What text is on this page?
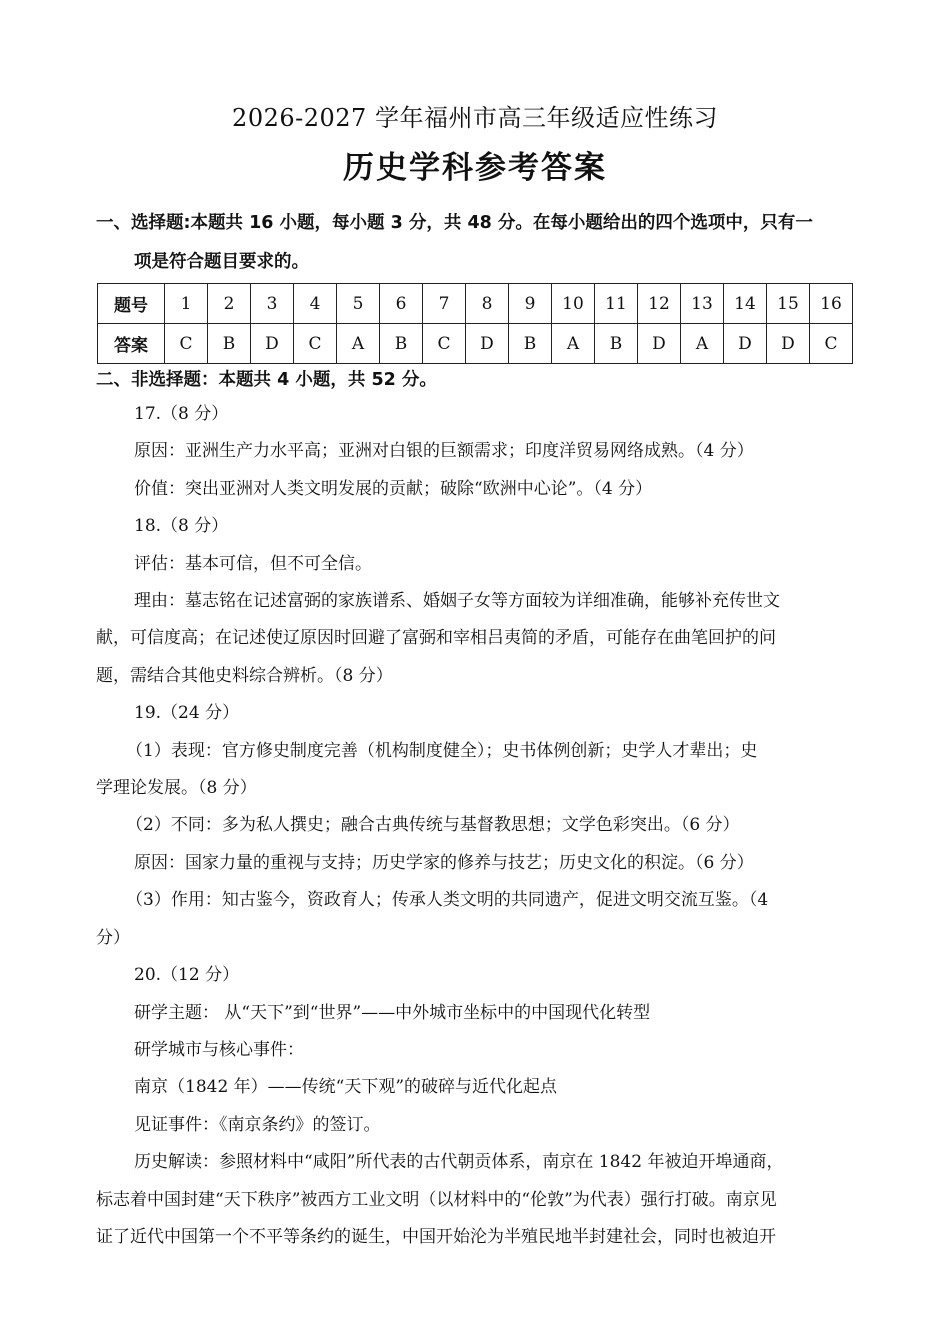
2026-2027 学年福州市高三年级适应性练习
历史学科参考答案
一、选择题:本题共 16 小题，每小题 3 分，共 48 分。在每小题给出的四个选项中，只有一
项是符合题目要求的。
题号	1	2	3	4	5	6	7	8	9	10	11	12	13	14	15	16
答案	C	B	D	C	A	B	C	D	B	A	B	D	A	D	D	C
二、非选择题：本题共 4 小题，共 52 分。
17.（8 分）
原因：亚洲生产力水平高；亚洲对白银的巨额需求；印度洋贸易网络成熟。（4 分）
价值：突出亚洲对人类文明发展的贡献；破除“欧洲中心论”。（4 分）
18.（8 分）
评估：基本可信，但不可全信。
理由：墓志铭在记述富弼的家族谱系、婚姻子女等方面较为详细准确，能够补充传世文
献，可信度高；在记述使辽原因时回避了富弼和宰相吕夷简的矛盾，可能存在曲笔回护的问
题，需结合其他史料综合辨析。（8 分）
19.（24 分）
（1）表现：官方修史制度完善（机构制度健全）；史书体例创新；史学人才辈出；史
学理论发展。（8 分）
（2）不同：多为私人撰史；融合古典传统与基督教思想；文学色彩突出。（6 分）
原因：国家力量的重视与支持；历史学家的修养与技艺；历史文化的积淀。（6 分）
（3）作用：知古鉴今，资政育人；传承人类文明的共同遗产，促进文明交流互鉴。（4
分）
20.（12 分）
研学主题： 从“天下”到“世界”——中外城市坐标中的中国现代化转型
研学城市与核心事件：
南京（1842 年）——传统“天下观”的破碎与近代化起点
见证事件：《南京条约》的签订。
历史解读：参照材料中“咸阳”所代表的古代朝贡体系，南京在 1842 年被迫开埠通商，
标志着中国封建“天下秩序”被西方工业文明（以材料中的“伦敦”为代表）强行打破。南京见
证了近代中国第一个不平等条约的诞生，中国开始沦为半殖民地半封建社会，同时也被迫开
